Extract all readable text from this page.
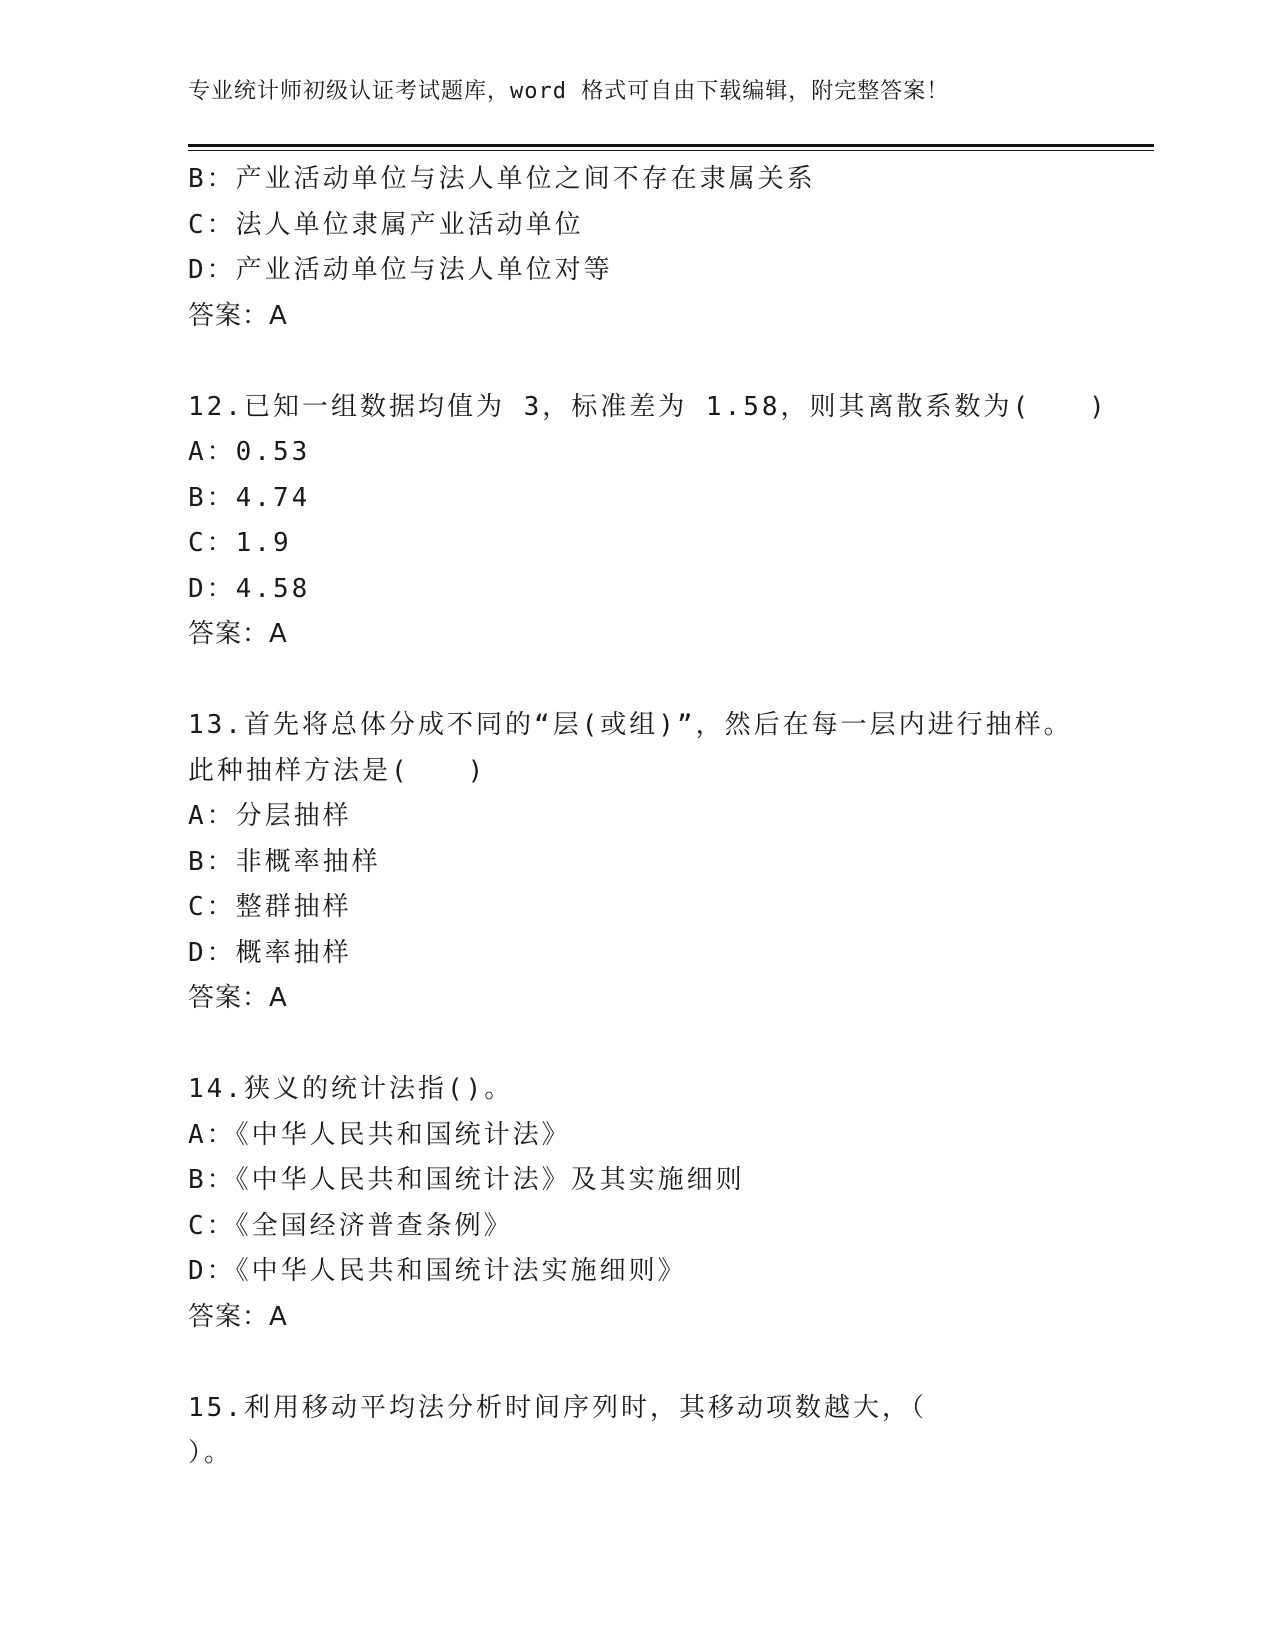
专业统计师初级认证考试题库，word 格式可自由下载编辑，附完整答案！
B：产业活动单位与法人单位之间不存在隶属关系
C：法人单位隶属产业活动单位
D：产业活动单位与法人单位对等
答案：A
12.已知一组数据均值为 3，标准差为 1.58，则其离散系数为(　　)
A：0.53
B：4.74
C：1.9
D：4.58
答案：A
13.首先将总体分成不同的“层(或组)”，然后在每一层内进行抽样。
此种抽样方法是(　　)
A：分层抽样
B：非概率抽样
C：整群抽样
D：概率抽样
答案：A
14.狭义的统计法指()。
A：《中华人民共和国统计法》
B：《中华人民共和国统计法》及其实施细则
C：《全国经济普查条例》
D：《中华人民共和国统计法实施细则》
答案：A
15.利用移动平均法分析时间序列时，其移动项数越大，（
）。
